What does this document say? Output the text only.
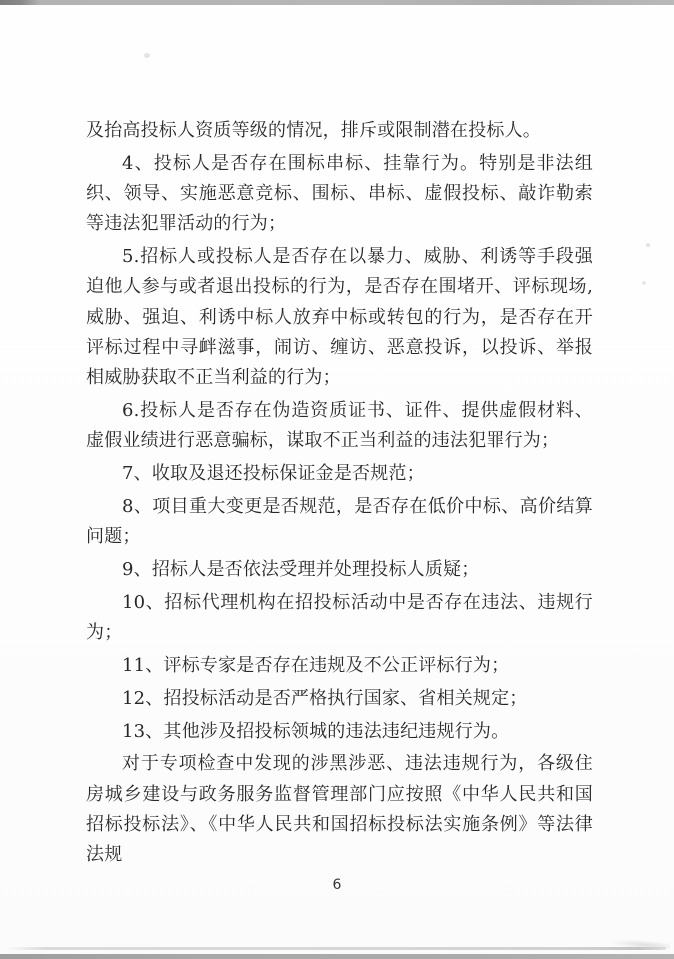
及抬高投标人资质等级的情况，排斥或限制潜在投标人。

4、投标人是否存在围标串标、挂靠行为。特别是非法组织、领导、实施恶意竞标、围标、串标、虚假投标、敲诈勒索等违法犯罪活动的行为；

5.招标人或投标人是否存在以暴力、威胁、利诱等手段强迫他人参与或者退出投标的行为，是否存在围堵开、评标现场,威胁、强迫、利诱中标人放弃中标或转包的行为，是否存在开评标过程中寻衅滋事，闹访、缠访、恶意投诉，以投诉、举报相威胁获取不正当利益的行为；

6.投标人是否存在伪造资质证书、证件、提供虚假材料、虚假业绩进行恶意骗标，谋取不正当利益的违法犯罪行为；

7、收取及退还投标保证金是否规范；

8、项目重大变更是否规范，是否存在低价中标、高价结算问题；

9、招标人是否依法受理并处理投标人质疑；

10、招标代理机构在招投标活动中是否存在违法、违规行为；

11、评标专家是否存在违规及不公正评标行为；

12、招投标活动是否严格执行国家、省相关规定；

13、其他涉及招投标领城的违法违纪违规行为。

对于专项检查中发现的涉黑涉恶、违法违规行为，各级住房城乡建设与政务服务监督管理部门应按照《中华人民共和国招标投标法》、《中华人民共和国招标投标法实施条例》等法律法规

6
